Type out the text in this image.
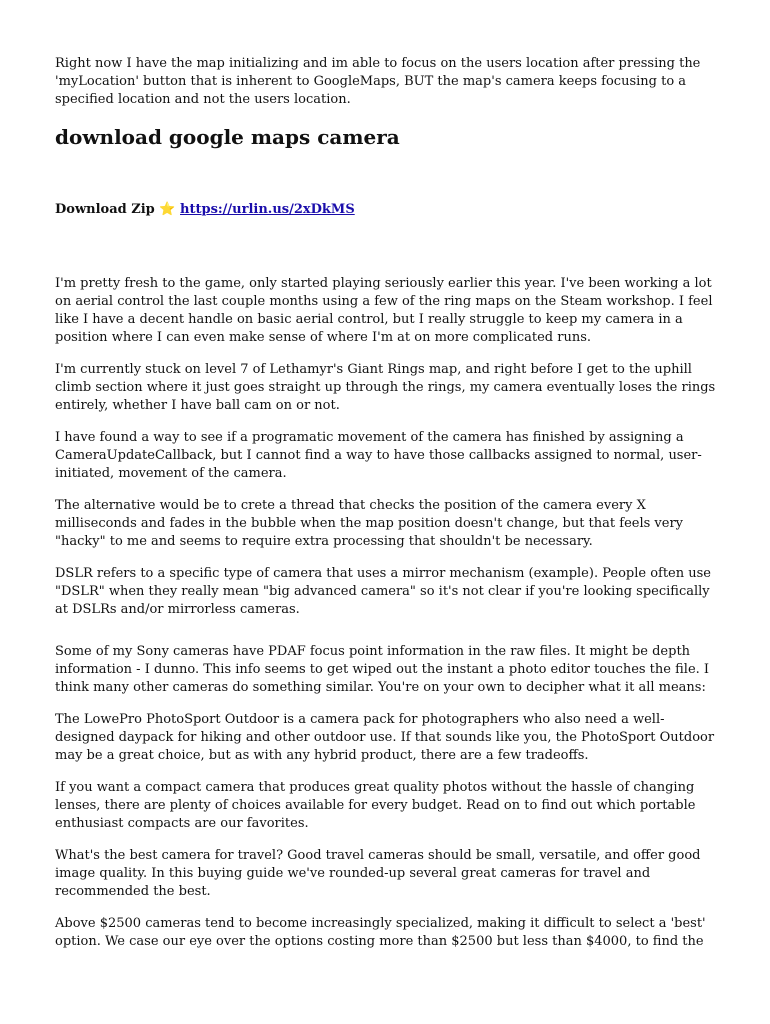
Right now I have the map initializing and im able to focus on the users location after pressing the 'myLocation' button that is inherent to GoogleMaps, BUT the map's camera keeps focusing to a specified location and not the users location.

download google maps camera
Download Zip ⭐ https://urlin.us/2xDkMS

I'm pretty fresh to the game, only started playing seriously earlier this year. I've been working a lot on aerial control the last couple months using a few of the ring maps on the Steam workshop. I feel like I have a decent handle on basic aerial control, but I really struggle to keep my camera in a position where I can even make sense of where I'm at on more complicated runs.

I'm currently stuck on level 7 of Lethamyr's Giant Rings map, and right before I get to the uphill climb section where it just goes straight up through the rings, my camera eventually loses the rings entirely, whether I have ball cam on or not.

I have found a way to see if a programatic movement of the camera has finished by assigning a CameraUpdateCallback, but I cannot find a way to have those callbacks assigned to normal, user-initiated, movement of the camera.

The alternative would be to crete a thread that checks the position of the camera every X milliseconds and fades in the bubble when the map position doesn't change, but that feels very "hacky" to me and seems to require extra processing that shouldn't be necessary.

DSLR refers to a specific type of camera that uses a mirror mechanism (example). People often use "DSLR" when they really mean "big advanced camera" so it's not clear if you're looking specifically at DSLRs and/or mirrorless cameras.

Some of my Sony cameras have PDAF focus point information in the raw files. It might be depth information - I dunno. This info seems to get wiped out the instant a photo editor touches the file. I think many other cameras do something similar. You're on your own to decipher what it all means:

The LowePro PhotoSport Outdoor is a camera pack for photographers who also need a well-designed daypack for hiking and other outdoor use. If that sounds like you, the PhotoSport Outdoor may be a great choice, but as with any hybrid product, there are a few tradeoffs.

If you want a compact camera that produces great quality photos without the hassle of changing lenses, there are plenty of choices available for every budget. Read on to find out which portable enthusiast compacts are our favorites.

What's the best camera for travel? Good travel cameras should be small, versatile, and offer good image quality. In this buying guide we've rounded-up several great cameras for travel and recommended the best.

Above $2500 cameras tend to become increasingly specialized, making it difficult to select a 'best' option. We case our eye over the options costing more than $2500 but less than $4000, to find the
